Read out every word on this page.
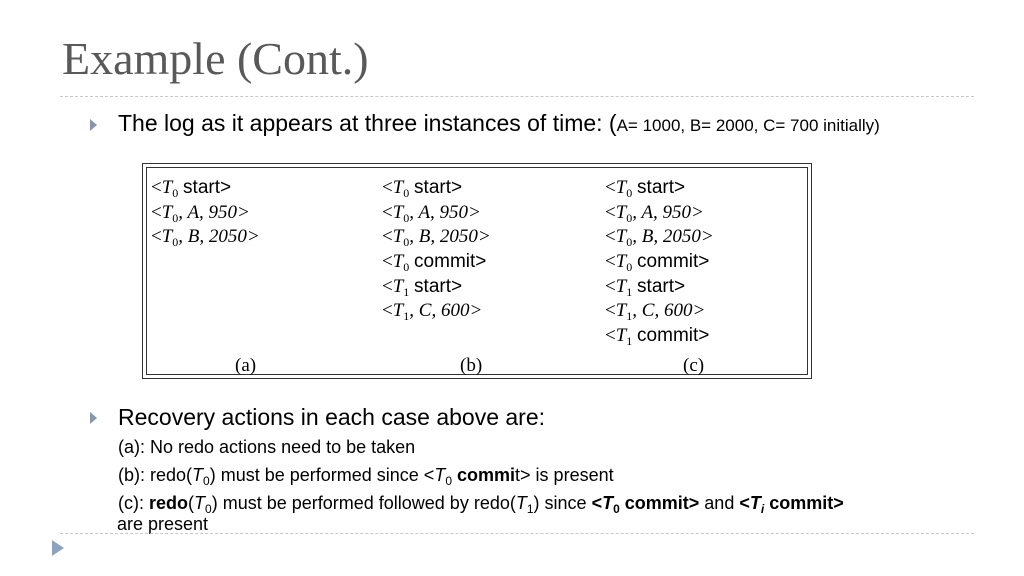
Example (Cont.)
The log as it appears at three instances of time: (A= 1000, B= 2000, C= 700 initially)
$<T_0$ start>
$<T_0$, A, 950>
$<T_0$, B, 2050>
$<T_0$ start>
$<T_0$, A, 950>
$<T_0$, B, 2050>
$<T_0$ commit>
$<T_1$ start>
$<T_1$, C, 600>
$<T_0$ start>
$<T_0$, A, 950>
$<T_0$, B, 2050>
$<T_0$ commit>
$<T_1$ start>
$<T_1$, C, 600>
$<T_1$ commit>
(a)	(b)	(c)
Recovery actions in each case above are:
(a): No redo actions need to be taken
(b): $redo(T_0)$ must be performed since $<T_0$ commit> is present
(c): $redo(T_0)$ must be performed followed by $redo(T_1)$ since $<T_0$ commit> and $<T_i$ commit>
are present
